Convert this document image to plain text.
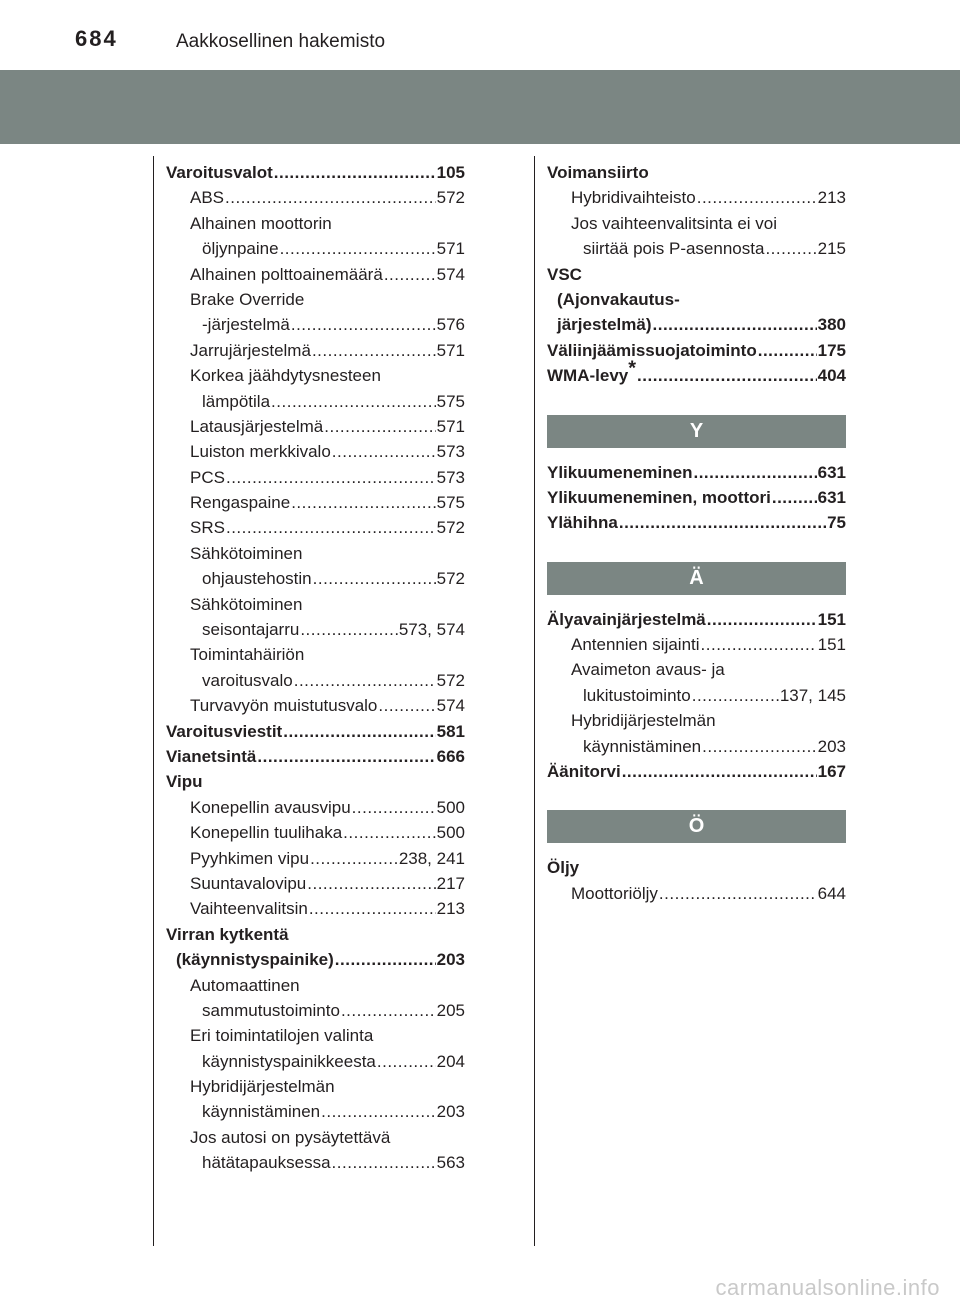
684	Aakkosellinen hakemisto
Varoitusvalot .....	105
ABS .....	572
Alhainen moottorin
öljynpaine .....	571
Alhainen polttoainemäärä .....	574
Brake Override
-järjestelmä .....	576
Jarrujärjestelmä .....	571
Korkea jäähdytysnesteen
lämpötila .....	575
Latausjärjestelmä .....	571
Luiston merkkivalo .....	573
PCS .....	573
Rengaspaine .....	575
SRS .....	572
Sähkötoiminen
ohjaustehostin .....	572
Sähkötoiminen
seisontajarru .....	573, 574
Toimintahäiriön
varoitusvalo .....	572
Turvavyön muistutusvalo .....	574
Varoitusviestit .....	581
Vianetsintä .....	666
Vipu
Konepellin avausvipu .....	500
Konepellin tuulihaka .....	500
Pyyhkimen vipu .....	238, 241
Suuntavalovipu .....	217
Vaihteenvalitsin .....	213
Virran kytkentä
(käynnistyspainike) .....	203
Automaattinen
sammutustoiminto .....	205
Eri toimintatilojen valinta
käynnistyspainikkeesta .....	204
Hybridijärjestelmän
käynnistäminen .....	203
Jos autosi on pysäytettävä
hätätapauksessa .....	563
Voimansiirto
Hybridivaihteisto .....	213
Jos vaihteenvalitsinta ei voi
siirtää pois P-asennosta .....	215
VSC
(Ajonvakautus-
järjestelmä) .....	380
Väliinjäämissuojatoiminto .....	175
WMA-levy* .....	404
Y
Ylikuumeneminen .....	631
Ylikuumeneminen, moottori .....	631
Ylähihna .....	75
Ä
Älyavainjärjestelmä .....	151
Antennien sijainti .....	151
Avaimeton avaus- ja
lukitustoiminto .....	137, 145
Hybridijärjestelmän
käynnistäminen .....	203
Äänitorvi .....	167
Ö
Öljy
Moottoriöljy .....	644
carmanualsonline.info
